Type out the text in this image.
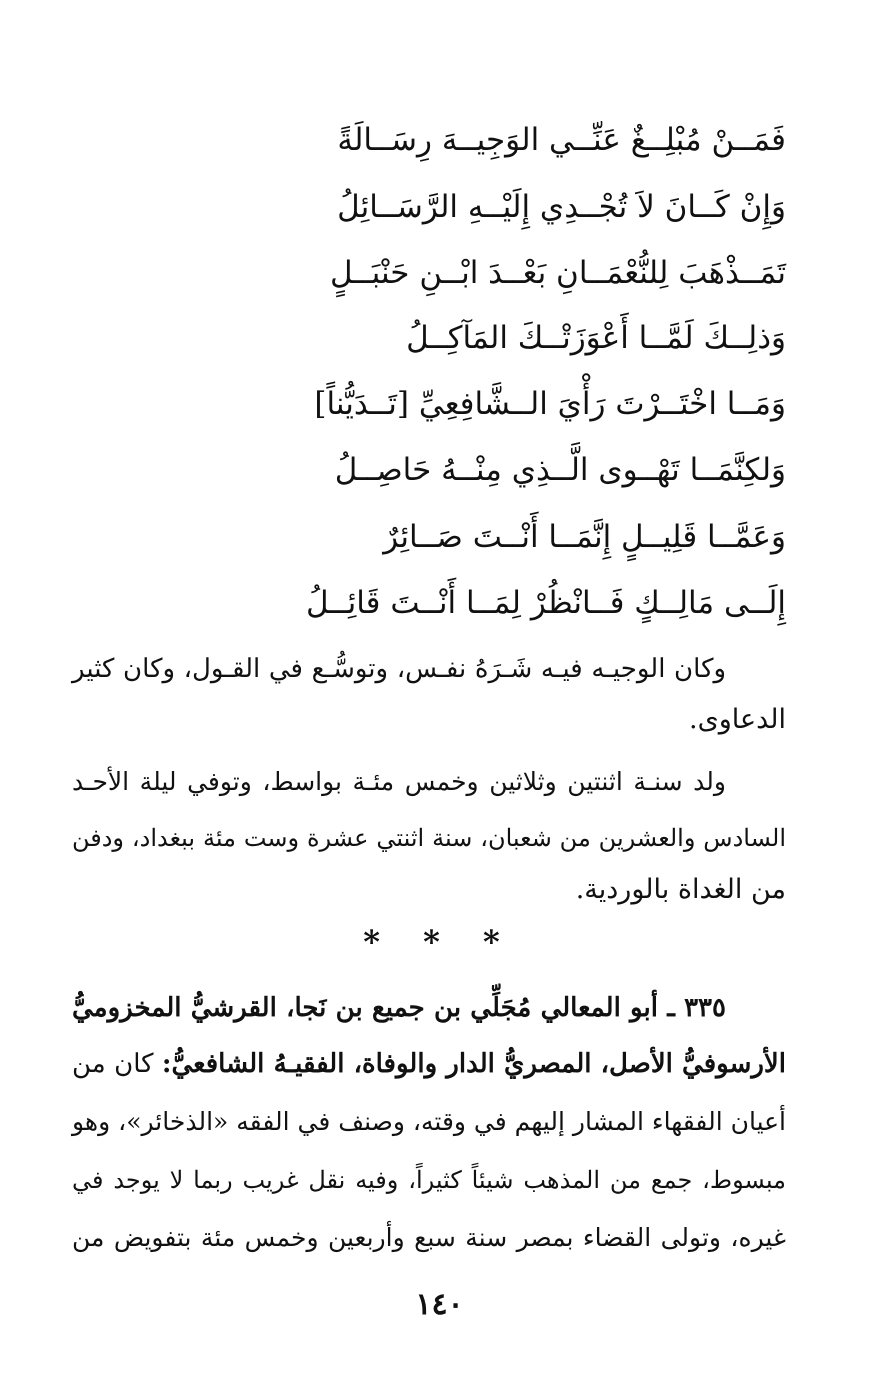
فَمَــنْ مُبْلِــغٌ عَنِّــي الوَجِيــهَ رِسَــالَةً
وَإِنْ كَــانَ لاَ تُجْــدِي إِلَيْــهِ الرَّسَــائِلُ
تَمَــذْهَبَ لِلنُّعْمَــانِ بَعْــدَ ابْــنِ حَنْبَــلٍ
وَذلِــكَ لَمَّــا أَعْوَزَتْــكَ المَآكِــلُ
وَمَــا اخْتَــرْتَ رَأْيَ الــشَّافِعِيِّ [تَــدَيُّناً]
وَلكِنَّمَــا تَهْــوى الَّــذِي مِنْــهُ حَاصِــلُ
وَعَمَّــا قَلِيــلٍ إِنَّمَــا أَنْــتَ صَــائِرٌ
إِلَــى مَالِــكٍ فَــانْظُرْ لِمَــا أَنْــتَ قَائِــلُ
وكان الوجيـه فيـه شَـرَهُ نفـس، وتوسُّـع في القـول، وكان كثير
الدعاوى.
ولد سنـة اثنتين وثلاثين وخمس مئـة بواسط، وتوفي ليلة الأحـد
السادس والعشرين من شعبان، سنة اثنتي عشرة وست مئة ببغداد، ودفن
من الغداة بالوردية.
* * *
٣٣٥ ـ أبو المعالي مُجَلِّي بن جميع بن نَجا، القرشيُّ المخزوميُّ
الأرسوفيُّ الأصل، المصريُّ الدار والوفاة، الفقيـهُ الشافعيُّ: كان من
أعيان الفقهاء المشار إليهم في وقته، وصنف في الفقه «الذخائر»، وهو
مبسوط، جمع من المذهب شيئاً كثيراً، وفيه نقل غريب ربما لا يوجد في
غيره، وتولى القضاء بمصر سنة سبع وأربعين وخمس مئة بتفويض من
١٤٠
